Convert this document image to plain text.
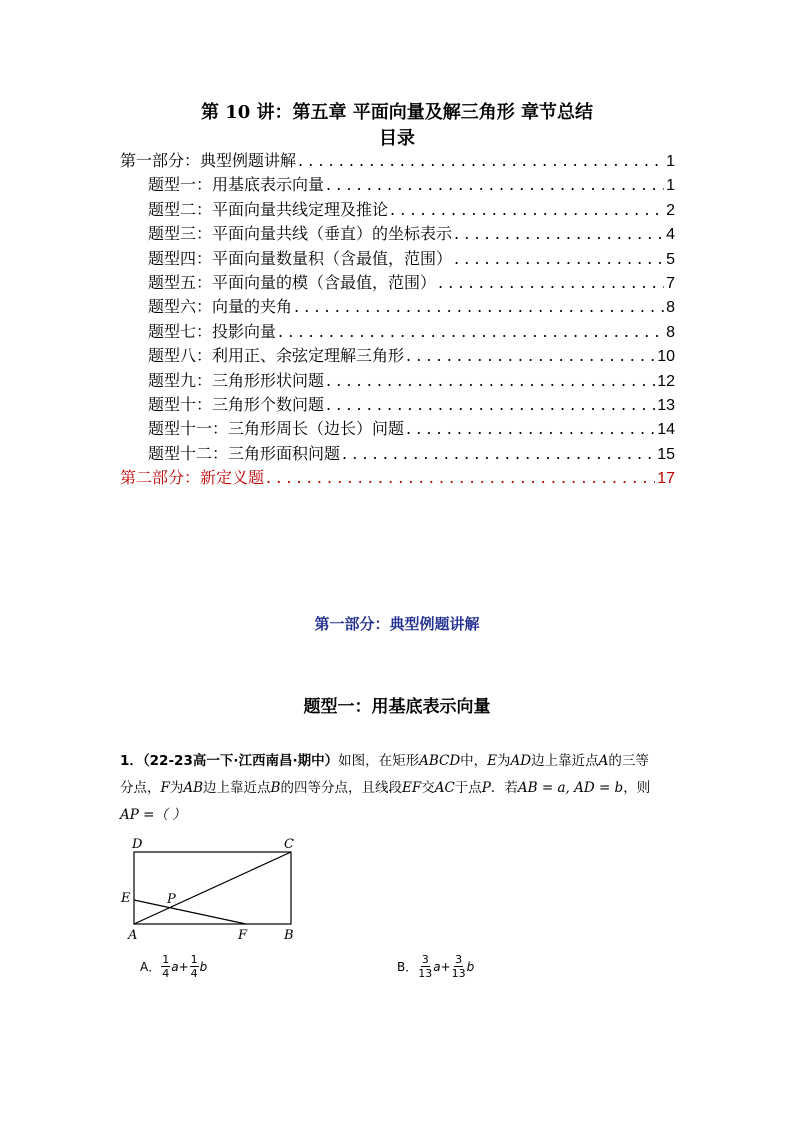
第 10 讲：第五章 平面向量及解三角形 章节总结
目录
第一部分：典型例题讲解 . . .	1
题型一：用基底表示向量 . . .	1
题型二：平面向量共线定理及推论 . . .	2
题型三：平面向量共线（垂直）的坐标表示 . . .	4
题型四：平面向量数量积（含最值，范围） . . .	5
题型五：平面向量的模（含最值，范围） . . .	7
题型六：向量的夹角 . . .	8
题型七：投影向量 . . .	8
题型八：利用正、余弦定理解三角形 . . .	10
题型九：三角形形状问题 . . .	12
题型十：三角形个数问题 . . .	13
题型十一：三角形周长（边长）问题 . . .	14
题型十二：三角形面积问题 . . .	15
第二部分：新定义题 . . .	17
第一部分：典型例题讲解
题型一：用基底表示向量
1．（22-23高一下·江西南昌·期中）如图，在矩形ABCD中，E为AD边上靠近点A的三等
分点，F为AB边上靠近点B的四等分点，且线段EF交AC于点P．若AB = a, AD = b，则
AP =（ ）
D	C
E	P
A	F	B
A． $\frac{1}{4}$ $a + \frac{1}{4}$ b	B． $\frac{3}{13}$ $a + \frac{3}{13}$ b
